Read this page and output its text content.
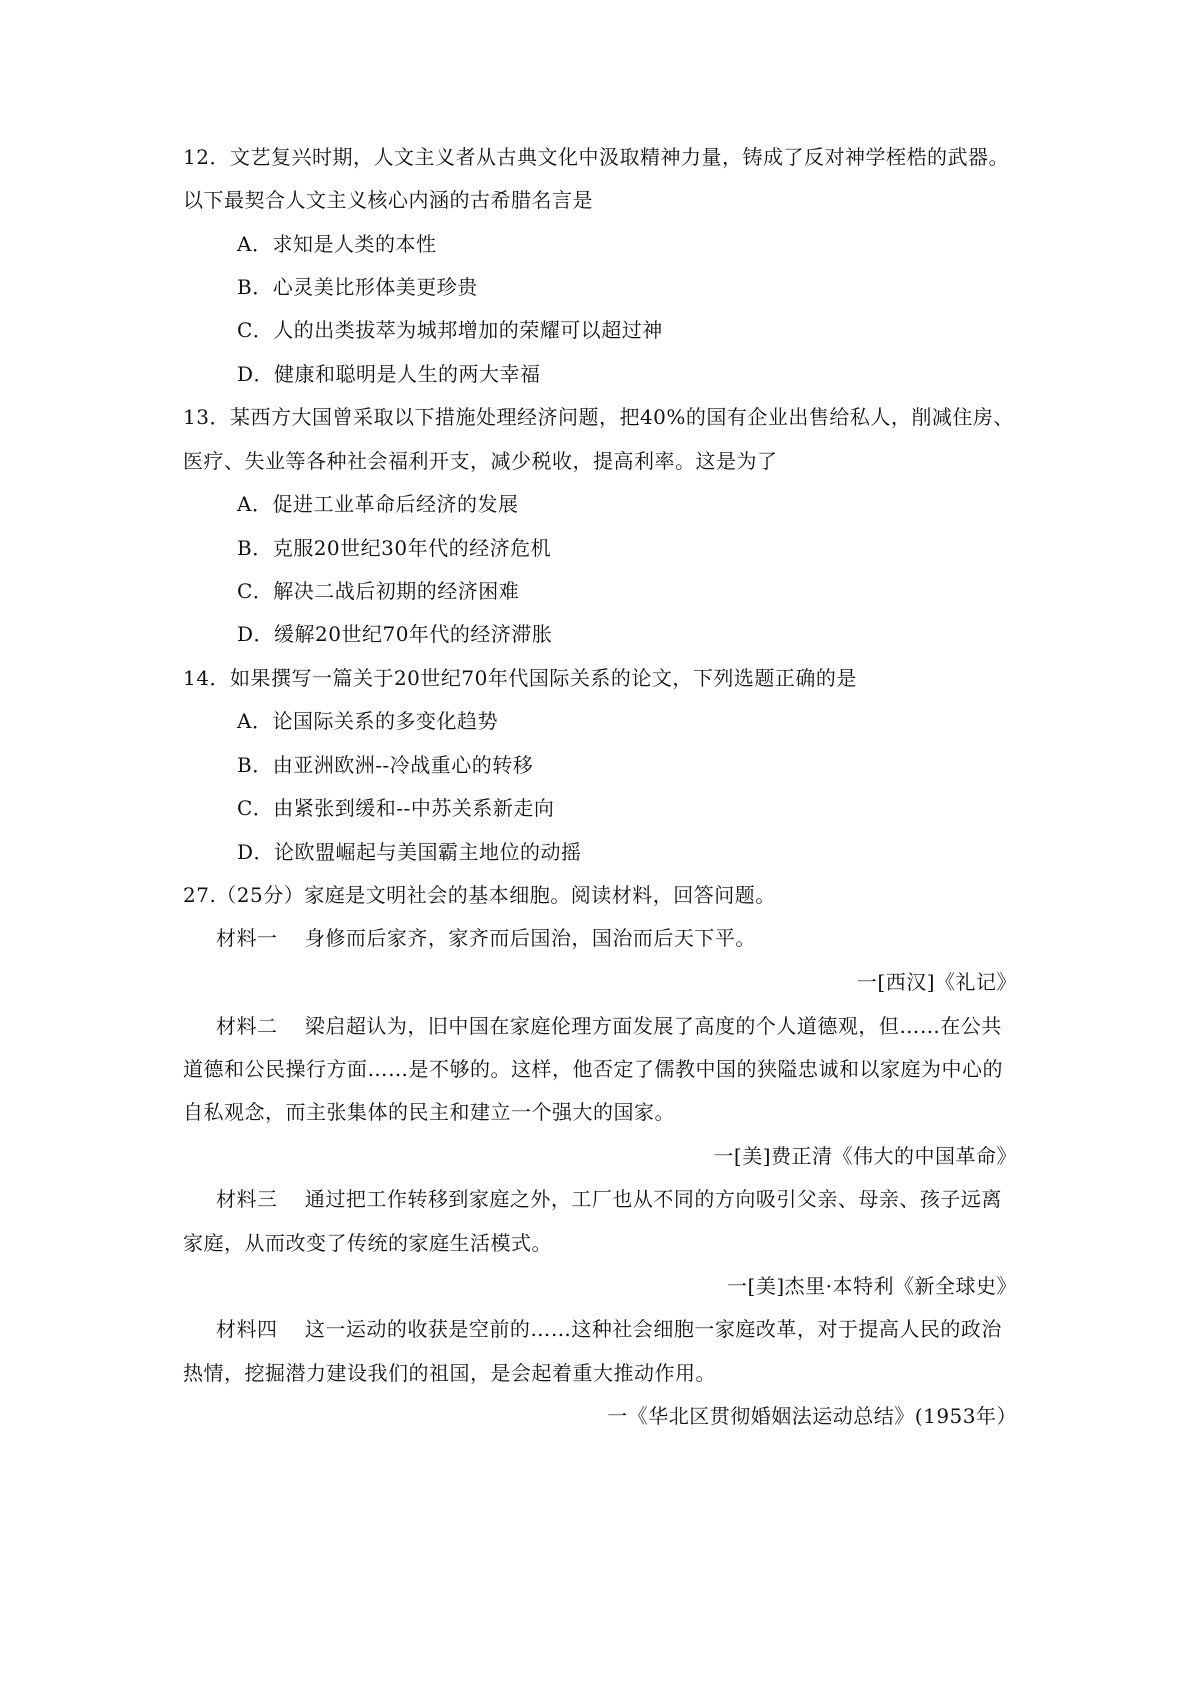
12．文艺复兴时期，人文主义者从古典文化中汲取精神力量，铸成了反对神学桎梏的武器。
以下最契合人文主义核心内涵的古希腊名言是
A．求知是人类的本性
B．心灵美比形体美更珍贵
C．人的出类拔萃为城邦增加的荣耀可以超过神
D．健康和聪明是人生的两大幸福
13．某西方大国曾采取以下措施处理经济问题，把40%的国有企业出售给私人，削减住房、
医疗、失业等各种社会福利开支，减少税收，提高利率。这是为了
A．促进工业革命后经济的发展
B．克服20世纪30年代的经济危机
C．解决二战后初期的经济困难
D．缓解20世纪70年代的经济滞胀
14．如果撰写一篇关于20世纪70年代国际关系的论文，下列选题正确的是
A．论国际关系的多变化趋势
B．由亚洲欧洲--冷战重心的转移
C．由紧张到缓和--中苏关系新走向
D．论欧盟崛起与美国霸主地位的动摇
27.（25分）家庭是文明社会的基本细胞。阅读材料，回答问题。
材料一　 身修而后家齐，家齐而后国治，国治而后天下平。
一[西汉]《礼记》
材料二　 梁启超认为，旧中国在家庭伦理方面发展了高度的个人道德观，但……在公共
道德和公民操行方面……是不够的。这样，他否定了儒教中国的狭隘忠诚和以家庭为中心的
自私观念，而主张集体的民主和建立一个强大的国家。
一[美]费正清《伟大的中国革命》
材料三　 通过把工作转移到家庭之外，工厂也从不同的方向吸引父亲、母亲、孩子远离
家庭，从而改变了传统的家庭生活模式。
一[美]杰里·本特利《新全球史》
材料四　 这一运动的收获是空前的……这种社会细胞一家庭改革，对于提高人民的政治
热情，挖掘潜力建设我们的祖国，是会起着重大推动作用。
一《华北区贯彻婚姻法运动总结》(1953年）
